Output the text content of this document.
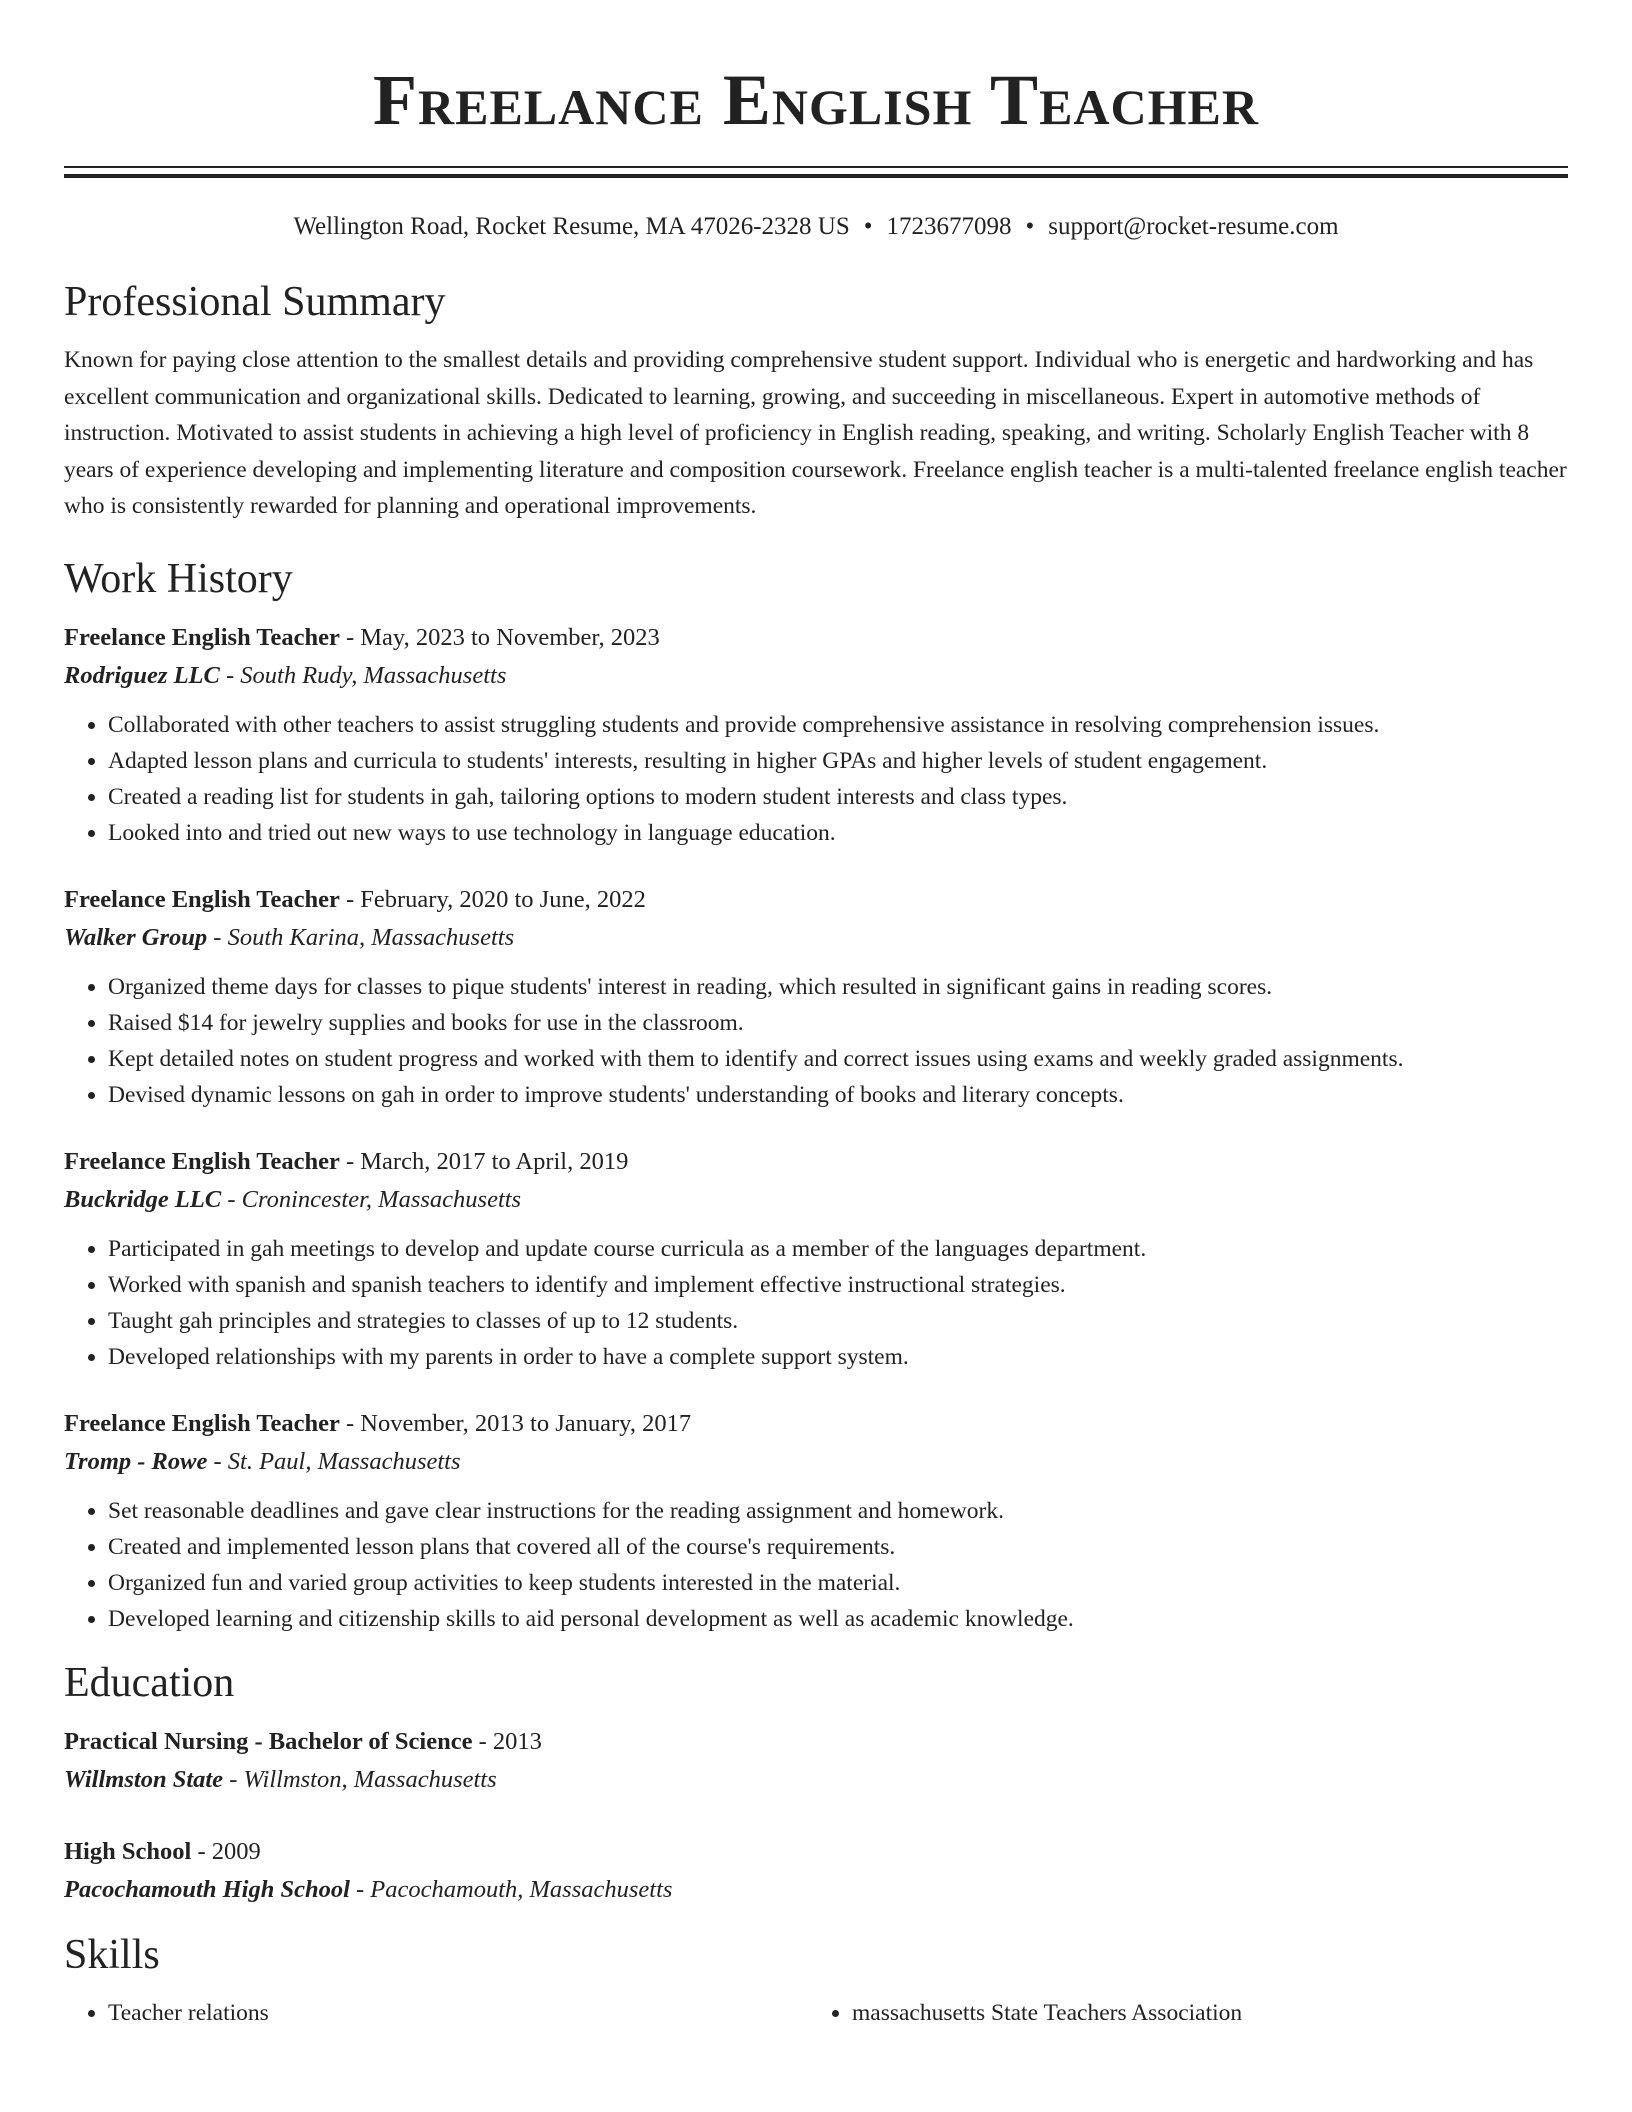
Freelance English Teacher
Wellington Road, Rocket Resume, MA 47026-2328 US • 1723677098 • support@rocket-resume.com
Professional Summary

Known for paying close attention to the smallest details and providing comprehensive student support. Individual who is energetic and hardworking and has excellent communication and organizational skills. Dedicated to learning, growing, and succeeding in miscellaneous. Expert in automotive methods of instruction. Motivated to assist students in achieving a high level of proficiency in English reading, speaking, and writing. Scholarly English Teacher with 8 years of experience developing and implementing literature and composition coursework. Freelance english teacher is a multi-talented freelance english teacher who is consistently rewarded for planning and operational improvements.

Work History
Freelance English Teacher - May, 2023 to November, 2023
Rodriguez LLC - South Rudy, Massachusetts
• Collaborated with other teachers to assist struggling students and provide comprehensive assistance in resolving comprehension issues.
• Adapted lesson plans and curricula to students' interests, resulting in higher GPAs and higher levels of student engagement.
• Created a reading list for students in gah, tailoring options to modern student interests and class types.
• Looked into and tried out new ways to use technology in language education.
Freelance English Teacher - February, 2020 to June, 2022
Walker Group - South Karina, Massachusetts
• Organized theme days for classes to pique students' interest in reading, which resulted in significant gains in reading scores.
• Raised $14 for jewelry supplies and books for use in the classroom.
• Kept detailed notes on student progress and worked with them to identify and correct issues using exams and weekly graded assignments.
• Devised dynamic lessons on gah in order to improve students' understanding of books and literary concepts.
Freelance English Teacher - March, 2017 to April, 2019
Buckridge LLC - Cronincester, Massachusetts
• Participated in gah meetings to develop and update course curricula as a member of the languages department.
• Worked with spanish and spanish teachers to identify and implement effective instructional strategies.
• Taught gah principles and strategies to classes of up to 12 students.
• Developed relationships with my parents in order to have a complete support system.
Freelance English Teacher - November, 2013 to January, 2017
Tromp - Rowe - St. Paul, Massachusetts
• Set reasonable deadlines and gave clear instructions for the reading assignment and homework.
• Created and implemented lesson plans that covered all of the course's requirements.
• Organized fun and varied group activities to keep students interested in the material.
• Developed learning and citizenship skills to aid personal development as well as academic knowledge.
Education
Practical Nursing - Bachelor of Science - 2013
Willmston State - Willmston, Massachusetts
High School - 2009
Pacochamouth High School - Pacochamouth, Massachusetts
Skills
• Teacher relations
•	massachusetts State Teachers Association
